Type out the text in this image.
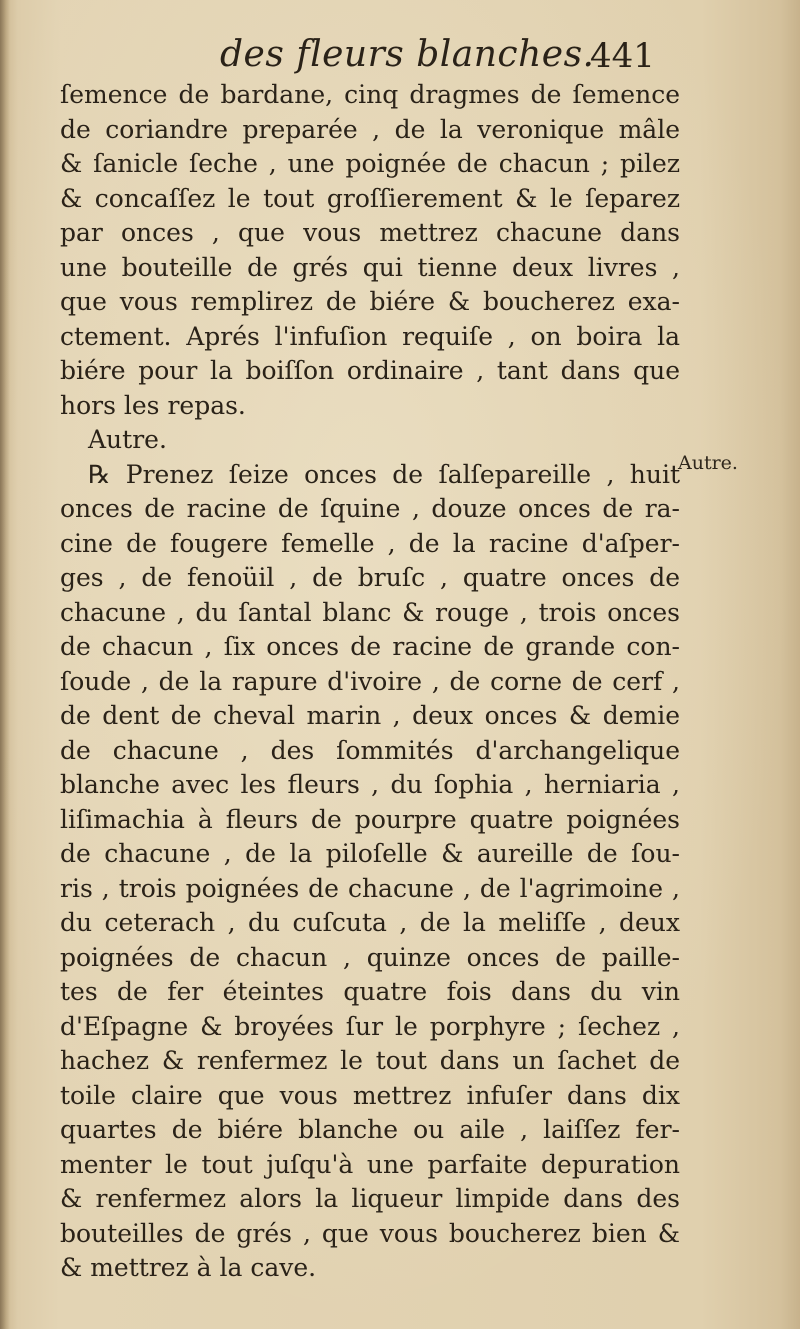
des fleurs blanches.
441
Autre.
ſemence de bardane, cinq dragmes de ſemence
de coriandre preparée , de la veronique mâle
& ſanicle ſeche , une poignée de chacun ; pilez
& concaſſez le tout groſſierement & le ſeparez
par onces , que vous mettrez chacune dans
une bouteille de grés qui tienne deux livres ,
que vous remplirez de biére & boucherez exa-
ctement. Aprés l'infuſion requiſe , on boira la
biére pour la boiſſon ordinaire , tant dans que
hors les repas.
Autre.
℞ Prenez ſeize onces de ſalſepareille , huit
onces de racine de ſquine , douze onces de ra-
cine de fougere femelle , de la racine d'aſper-
ges , de fenoüil , de bruſc , quatre onces de
chacune , du ſantal blanc & rouge , trois onces
de chacun , ſix onces de racine de grande con-
ſoude , de la rapure d'ivoire , de corne de cerf ,
de dent de cheval marin , deux onces & demie
de chacune , des ſommités d'archangelique
blanche avec les fleurs , du ſophia , herniaria ,
liſimachia à fleurs de pourpre quatre poignées
de chacune , de la piloſelle & aureille de ſou-
ris , trois poignées de chacune , de l'agrimoine ,
du ceterach , du cuſcuta , de la meliſſe , deux
poignées de chacun , quinze onces de paille-
tes de fer éteintes quatre fois dans du vin
d'Eſpagne & broyées ſur le porphyre ; ſechez ,
hachez & renfermez le tout dans un ſachet de
toile claire que vous mettrez infuſer dans dix
quartes de biére blanche ou aile , laiſſez fer-
menter le tout juſqu'à une parfaite depuration
& renfermez alors la liqueur limpide dans des
bouteilles de grés , que vous boucherez bien &
& mettrez à la cave.
